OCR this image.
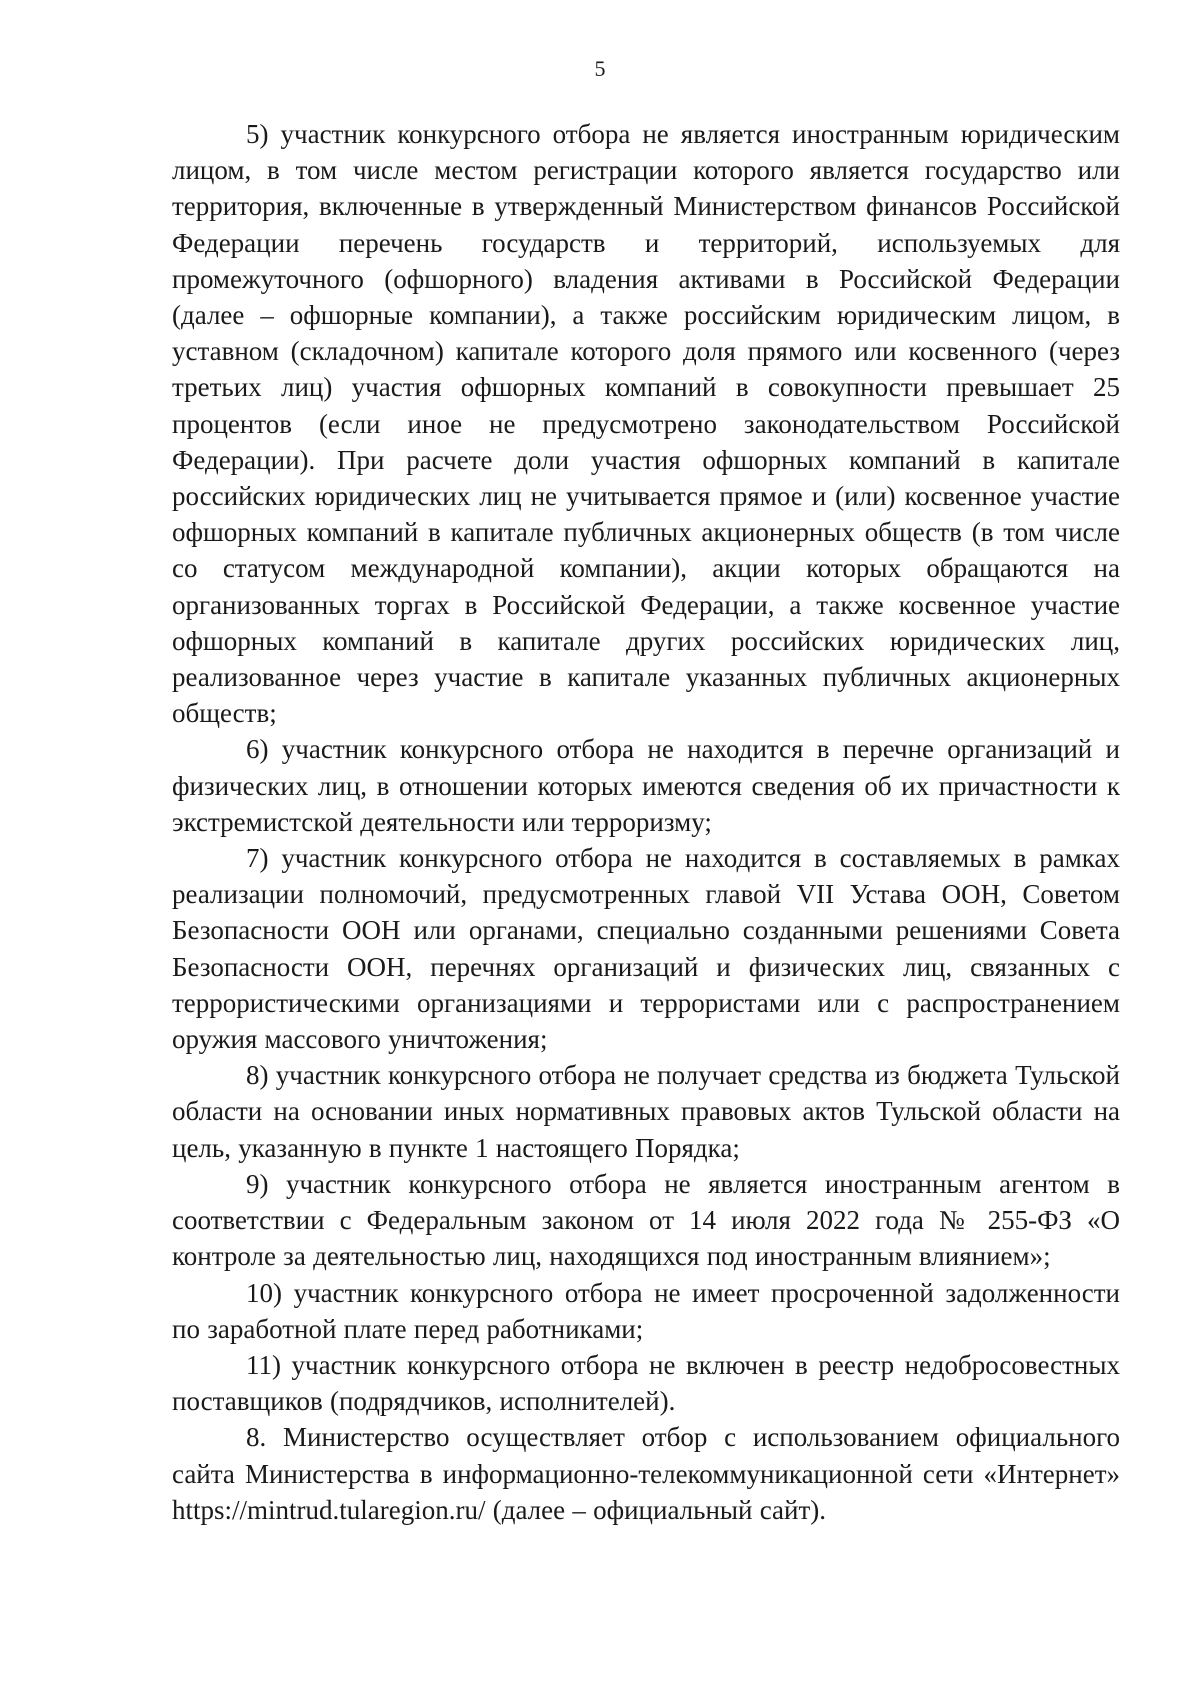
5

5) участник конкурсного отбора не является иностранным юридическим лицом, в том числе местом регистрации которого является государство или территория, включенные в утвержденный Министерством финансов Российской Федерации перечень государств и территорий, используемых для промежуточного (офшорного) владения активами в Российской Федерации (далее – офшорные компании), а также российским юридическим лицом, в уставном (складочном) капитале которого доля прямого или косвенного (через третьих лиц) участия офшорных компаний в совокупности превышает 25 процентов (если иное не предусмотрено законодательством Российской Федерации). При расчете доли участия офшорных компаний в капитале российских юридических лиц не учитывается прямое и (или) косвенное участие офшорных компаний в капитале публичных акционерных обществ (в том числе со статусом международной компании), акции которых обращаются на организованных торгах в Российской Федерации, а также косвенное участие офшорных компаний в капитале других российских юридических лиц, реализованное через участие в капитале указанных публичных акционерных обществ;

6) участник конкурсного отбора не находится в перечне организаций и физических лиц, в отношении которых имеются сведения об их причастности к экстремистской деятельности или терроризму;

7) участник конкурсного отбора не находится в составляемых в рамках реализации полномочий, предусмотренных главой VII Устава ООН, Советом Безопасности ООН или органами, специально созданными решениями Совета Безопасности ООН, перечнях организаций и физических лиц, связанных с террористическими организациями и террористами или с распространением оружия массового уничтожения;

8) участник конкурсного отбора не получает средства из бюджета Тульской области на основании иных нормативных правовых актов Тульской области на цель, указанную в пункте 1 настоящего Порядка;

9) участник конкурсного отбора не является иностранным агентом в соответствии с Федеральным законом от 14 июля 2022 года № 255-ФЗ «О контроле за деятельностью лиц, находящихся под иностранным влиянием»;

10) участник конкурсного отбора не имеет просроченной задолженности по заработной плате перед работниками;

11) участник конкурсного отбора не включен в реестр недобросовестных поставщиков (подрядчиков, исполнителей).

8. Министерство осуществляет отбор с использованием официального сайта Министерства в информационно-телекоммуникационной сети «Интернет» https://mintrud.tularegion.ru/ (далее – официальный сайт).
